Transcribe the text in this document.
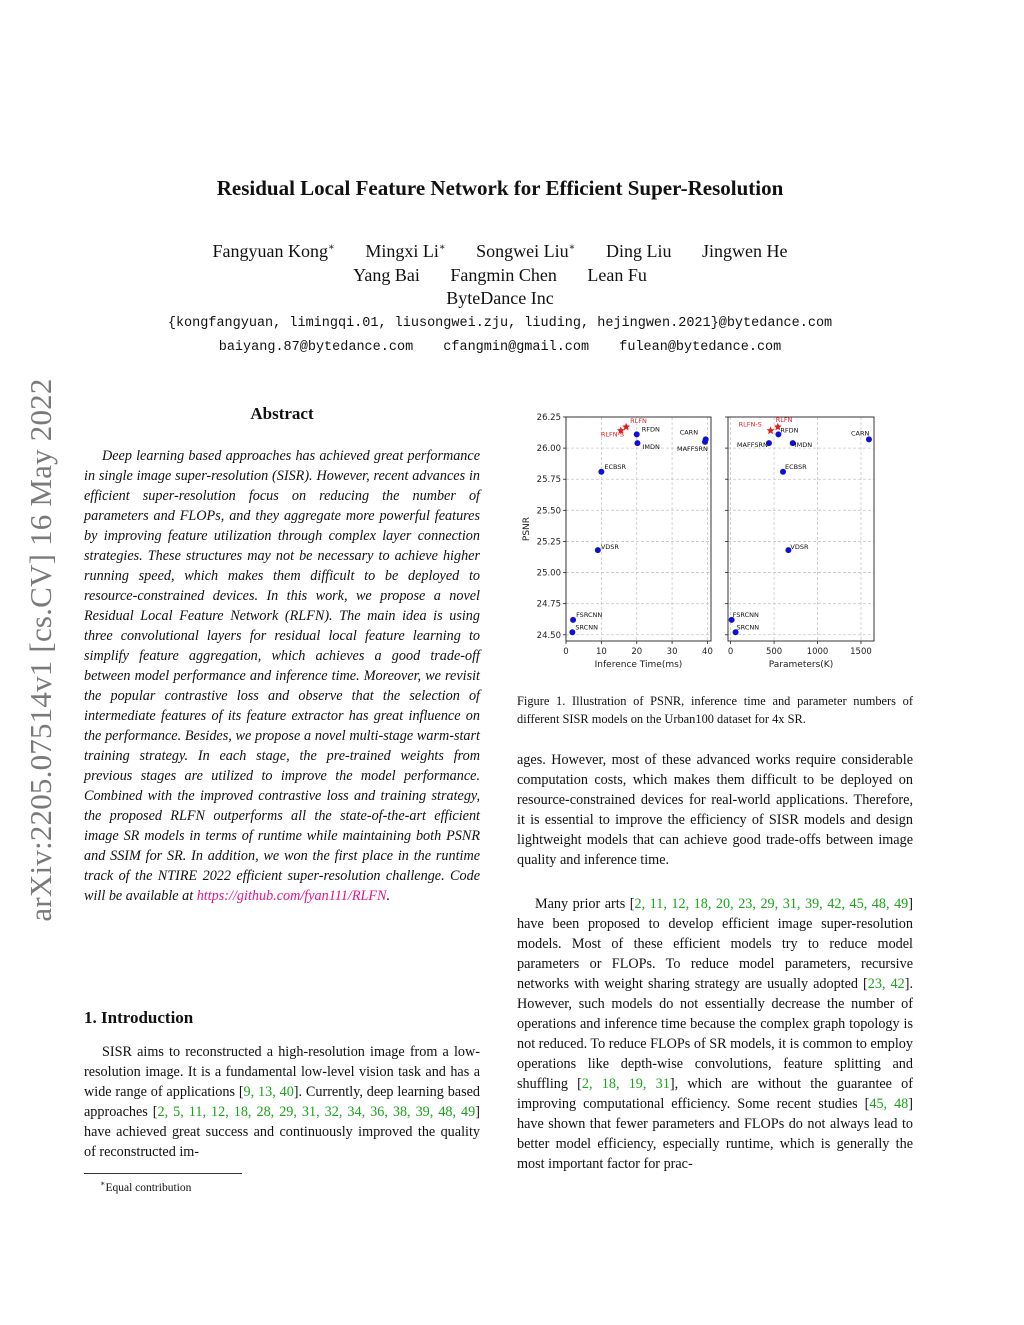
arXiv:2205.07514v1 [cs.CV] 16 May 2022
Residual Local Feature Network for Efficient Super-Resolution
Fangyuan Kong∗ Mingxi Li∗ Songwei Liu∗ Ding Liu Jingwen He
Yang Bai Fangmin Chen Lean Fu
ByteDance Inc
{kongfangyuan, limingqi.01, liusongwei.zju, liuding, hejingwen.2021}@bytedance.com
baiyang.87@bytedance.com cfangmin@gmail.com fulean@bytedance.com
Abstract
Deep learning based approaches has achieved great performance in single image super-resolution (SISR). However, recent advances in efficient super-resolution focus on reducing the number of parameters and FLOPs, and they aggregate more powerful features by improving feature utilization through complex layer connection strategies. These structures may not be necessary to achieve higher running speed, which makes them difficult to be deployed to resource-constrained devices. In this work, we propose a novel Residual Local Feature Network (RLFN). The main idea is using three convolutional layers for residual local feature learning to simplify feature aggregation, which achieves a good trade-off between model performance and inference time. Moreover, we revisit the popular contrastive loss and observe that the selection of intermediate features of its feature extractor has great influence on the performance. Besides, we propose a novel multi-stage warm-start training strategy. In each stage, the pre-trained weights from previous stages are utilized to improve the model performance. Combined with the improved contrastive loss and training strategy, the proposed RLFN outperforms all the state-of-the-art efficient image SR models in terms of runtime while maintaining both PSNR and SSIM for SR. In addition, we won the first place in the runtime track of the NTIRE 2022 efficient super-resolution challenge. Code will be available at https://github.com/fyan111/RLFN.
1. Introduction
SISR aims to reconstructed a high-resolution image from a low-resolution image. It is a fundamental low-level vision task and has a wide range of applications [9, 13, 40]. Currently, deep learning based approaches [2, 5, 11, 12, 18, 28, 29, 31, 32, 34, 36, 38, 39, 48, 49] have achieved great success and continuously improved the quality of reconstructed im-
∗Equal contribution
0	10	20	30	40
24.50
24.75
25.00
25.25
25.50
25.75
26.00
26.25
Inference Time(ms)
PSNR
0	500	1000	1500
Parameters(K)
RLFN
RLFN-S
RFDN
IMDN
CARN
MAFFSRN
ECBSR
VDSR
FSRCNN
SRCNN
RLFN
RLFN-S
RFDN
IMDN
MAFFSRN
CARN
ECBSR
VDSR
FSRCNN
SRCNN
Figure 1. Illustration of PSNR, inference time and parameter numbers of different SISR models on the Urban100 dataset for 4x SR.
ages. However, most of these advanced works require considerable computation costs, which makes them difficult to be deployed on resource-constrained devices for real-world applications. Therefore, it is essential to improve the efficiency of SISR models and design lightweight models that can achieve good trade-offs between image quality and inference time.
Many prior arts [2, 11, 12, 18, 20, 23, 29, 31, 39, 42, 45, 48, 49] have been proposed to develop efficient image super-resolution models. Most of these efficient models try to reduce model parameters or FLOPs. To reduce model parameters, recursive networks with weight sharing strategy are usually adopted [23, 42]. However, such models do not essentially decrease the number of operations and inference time because the complex graph topology is not reduced. To reduce FLOPs of SR models, it is common to employ operations like depth-wise convolutions, feature splitting and shuffling [2, 18, 19, 31], which are without the guarantee of improving computational efficiency. Some recent studies [45, 48] have shown that fewer parameters and FLOPs do not always lead to better model efficiency, especially runtime, which is generally the most important factor for prac-
